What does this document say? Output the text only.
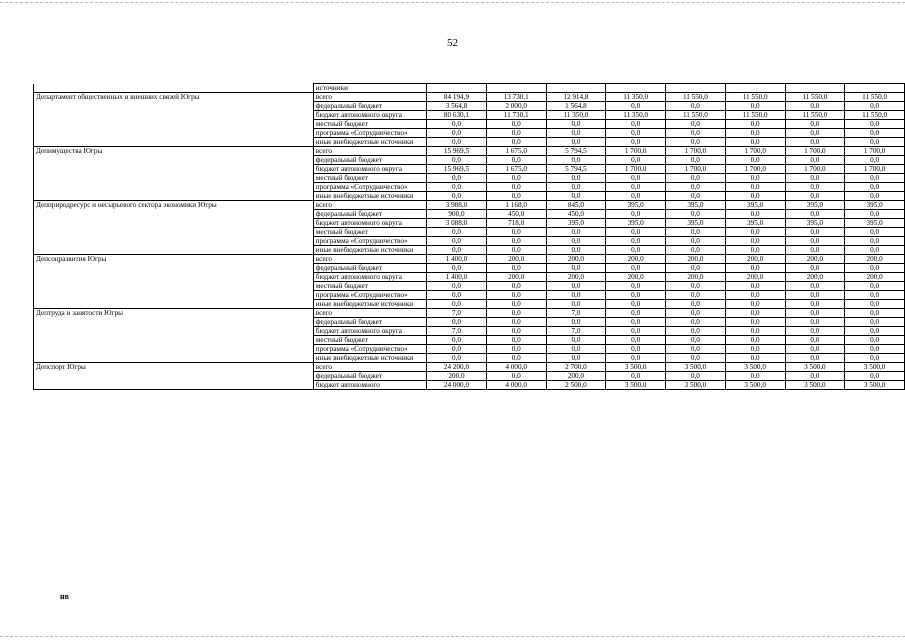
52
	источники								
Департамент общественных и внешних связей Югры	всего	84 194,9	13 730,1	12 914,8	11 350,0	11 550,0	11 550,0	11 550,0	11 550,0
	федеральный бюджет	3 564,8	2 000,0	1 564,8	0,0	0,0	0,0	0,0	0,0
	бюджет автономного округа	80 630,1	11 730,1	11 350,0	11 350,0	11 550,0	11 550,0	11 550,0	11 550,0
	местный бюджет	0,0	0,0	0,0	0,0	0,0	0,0	0,0	0,0
	программа «Сотрудничество»	0,0	0,0	0,0	0,0	0,0	0,0	0,0	0,0
	иные внебюджетные источники	0,0	0,0	0,0	0,0	0,0	0,0	0,0	0,0
Депимущества Югры	всего	15 969,5	1 675,0	5 794,5	1 700,0	1 700,0	1 700,0	1 700,0	1 700,0
	федеральный бюджет	0,0	0,0	0,0	0,0	0,0	0,0	0,0	0,0
	бюджет автономного округа	15 969,5	1 675,0	5 794,5	1 700,0	1 700,0	1 700,0	1 700,0	1 700,0
	местный бюджет	0,0	0,0	0,0	0,0	0,0	0,0	0,0	0,0
	программа «Сотрудничество»	0,0	0,0	0,0	0,0	0,0	0,0	0,0	0,0
	иные внебюджетные источники	0,0	0,0	0,0	0,0	0,0	0,0	0,0	0,0
Депприродресурс и несырьевого сектора экономики Югры	всего	3 988,0	1 168,0	845,0	395,0	395,0	395,0	395,0	395,0
	федеральный бюджет	900,0	450,0	450,0	0,0	0,0	0,0	0,0	0,0
	бюджет автономного округа	3 088,0	718,0	395,0	395,0	395,0	395,0	395,0	395,0
	местный бюджет	0,0	0,0	0,0	0,0	0,0	0,0	0,0	0,0
	программа «Сотрудничество»	0,0	0,0	0,0	0,0	0,0	0,0	0,0	0,0
	иные внебюджетные источники	0,0	0,0	0,0	0,0	0,0	0,0	0,0	0,0
Депсоцразвития Югры	всего	1 400,0	200,0	200,0	200,0	200,0	200,0	200,0	200,0
	федеральный бюджет	0,0	0,0	0,0	0,0	0,0	0,0	0,0	0,0
	бюджет автономного округа	1 400,0	200,0	200,0	200,0	200,0	200,0	200,0	200,0
	местный бюджет	0,0	0,0	0,0	0,0	0,0	0,0	0,0	0,0
	программа «Сотрудничество»	0,0	0,0	0,0	0,0	0,0	0,0	0,0	0,0
	иные внебюджетные источники	0,0	0,0	0,0	0,0	0,0	0,0	0,0	0,0
Дептруда и занятости Югры	всего	7,0	0,0	7,0	0,0	0,0	0,0	0,0	0,0
	федеральный бюджет	0,0	0,0	0,0	0,0	0,0	0,0	0,0	0,0
	бюджет автономного округа	7,0	0,0	7,0	0,0	0,0	0,0	0,0	0,0
	местный бюджет	0,0	0,0	0,0	0,0	0,0	0,0	0,0	0,0
	программа «Сотрудничество»	0,0	0,0	0,0	0,0	0,0	0,0	0,0	0,0
	иные внебюджетные источники	0,0	0,0	0,0	0,0	0,0	0,0	0,0	0,0
Депспорт Югры	всего	24 200,0	4 000,0	2 700,0	3 500,0	3 500,0	3 500,0	3 500,0	3 500,0
	федеральный бюджет	200,0	0,0	200,0	0,0	0,0	0,0	0,0	0,0
	бюджет автономного	24 000,0	4 000,0	2 500,0	3 500,0	3 500,0	3 500,0	3 500,0	3 500,0
нв
